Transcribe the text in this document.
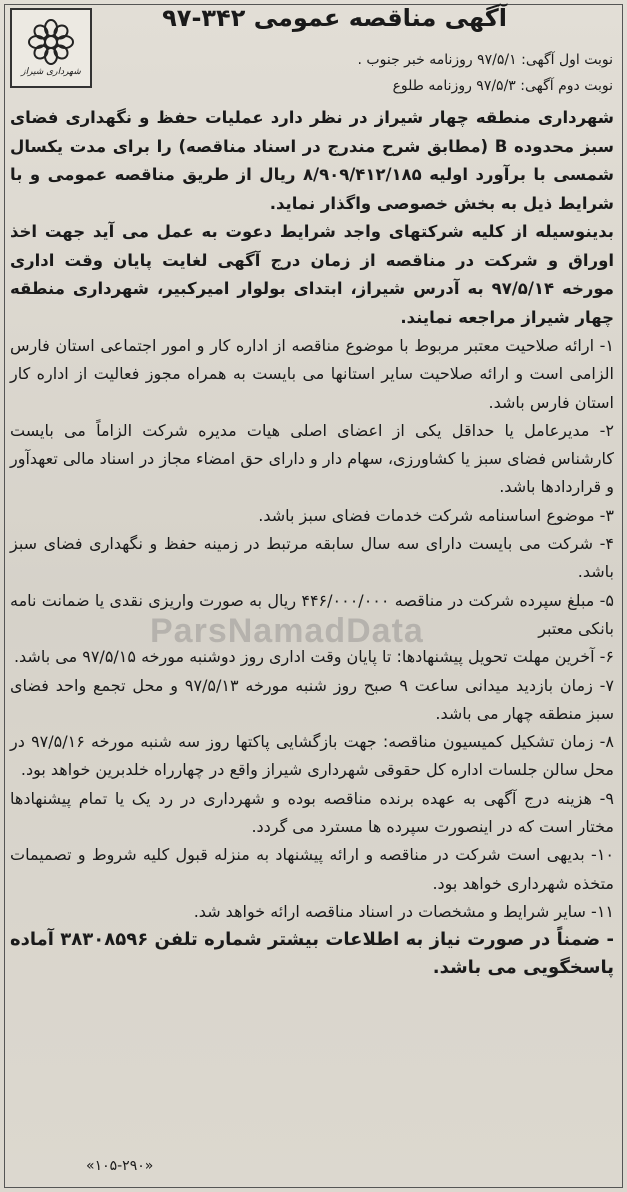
شهرداری شیراز
آگهی مناقصه عمومی ۳۴۲-۹۷
نوبت اول آگهی: ۹۷/۵/۱ روزنامه خبر جنوب .
نوبت دوم آگهی: ۹۷/۵/۳ روزنامه طلوع

شهرداری منطقه چهار شیراز در نظر دارد عملیات حفظ و نگهداری فضای سبز محدوده B (مطابق شرح مندرج در اسناد مناقصه) را برای مدت یکسال شمسی با برآورد اولیه ۸/۹۰۹/۴۱۲/۱۸۵ ریال از طریق مناقصه عمومی و با شرایط ذیل به بخش خصوصی واگذار نماید.

بدینوسیله از کلیه شرکتهای واجد شرایط دعوت به عمل می آید جهت اخذ اوراق و شرکت در مناقصه از زمان درج آگهی لغایت پایان وقت اداری مورخه ۹۷/۵/۱۴ به آدرس شیراز، ابتدای بولوار امیرکبیر، شهرداری منطقه چهار شیراز مراجعه نمایند.

۱- ارائه صلاحیت معتبر مربوط با موضوع مناقصه از اداره کار و امور اجتماعی استان فارس الزامی است و ارائه صلاحیت سایر استانها می بایست به همراه مجوز فعالیت از اداره کار استان فارس باشد.

۲- مدیرعامل یا حداقل یکی از اعضای اصلی هیات مدیره شرکت الزاماً می بایست کارشناس فضای سبز یا کشاورزی، سهام دار و دارای حق امضاء مجاز در اسناد مالی تعهدآور و قراردادها باشد.

۳- موضوع اساسنامه شرکت خدمات فضای سبز باشد.

۴- شرکت می بایست دارای سه سال سابقه مرتبط در زمینه حفظ و نگهداری فضای سبز باشد.

۵- مبلغ سپرده شرکت در مناقصه ۴۴۶/۰۰۰/۰۰۰ ریال به صورت واریزی نقدی یا ضمانت نامه بانکی معتبر

۶- آخرین مهلت تحویل پیشنهادها: تا پایان وقت اداری روز دوشنبه مورخه ۹۷/۵/۱۵ می باشد.

۷- زمان بازدید میدانی ساعت ۹ صبح روز شنبه مورخه ۹۷/۵/۱۳ و محل تجمع واحد فضای سبز منطقه چهار می باشد.

۸- زمان تشکیل کمیسیون مناقصه: جهت بازگشایی پاکتها روز سه شنبه مورخه ۹۷/۵/۱۶ در محل سالن جلسات اداره کل حقوقی شهرداری شیراز واقع در چهارراه خلدبرین خواهد بود.

۹- هزینه درج آگهی به عهده برنده مناقصه بوده و شهرداری در رد یک یا تمام پیشنهادها مختار است که در اینصورت سپرده ها مسترد می گردد.

۱۰- بدیهی است شرکت در مناقصه و ارائه پیشنهاد به منزله قبول کلیه شروط و تصمیمات متخذه شهرداری خواهد بود.

۱۱- سایر شرایط و مشخصات در اسناد مناقصه ارائه خواهد شد.

- ضمناً در صورت نیاز به اطلاعات بیشتر شماره تلفن ۳۸۳۰۸۵۹۶ آماده پاسخگویی می باشد.

«۱۰۵-۲۹۰»
ParsNamadData
